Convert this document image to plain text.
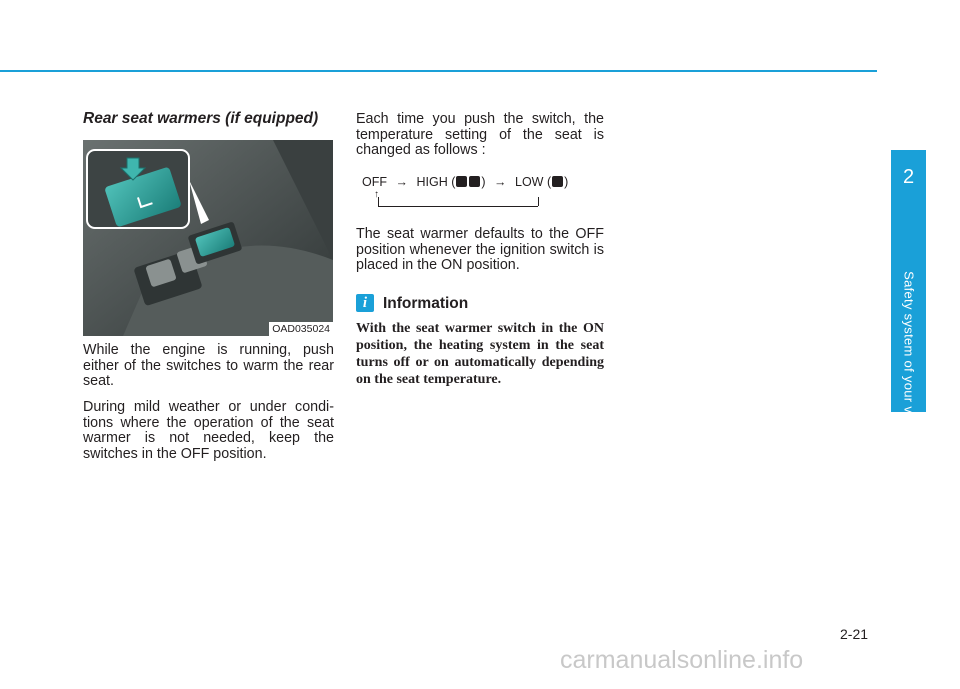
2
Safety system of your vehicle
Rear seat warmers (if equipped)
OAD035024
While the engine is running, push either of the switches to warm the rear seat.
During mild weather or under condi-tions where the operation of the seat warmer is not needed, keep the switches in the OFF position.
Each time you push the switch, the temperature setting of the seat is changed as follows :
OFF → HIGH ( ) → LOW ( )
↑
The seat warmer defaults to the OFF position whenever the ignition switch is placed in the ON position.
i	Information
With the seat warmer switch in the ON position, the heating system in the seat turns off or on automatically depending on the seat temperature.
2-21
carmanualsonline.info
